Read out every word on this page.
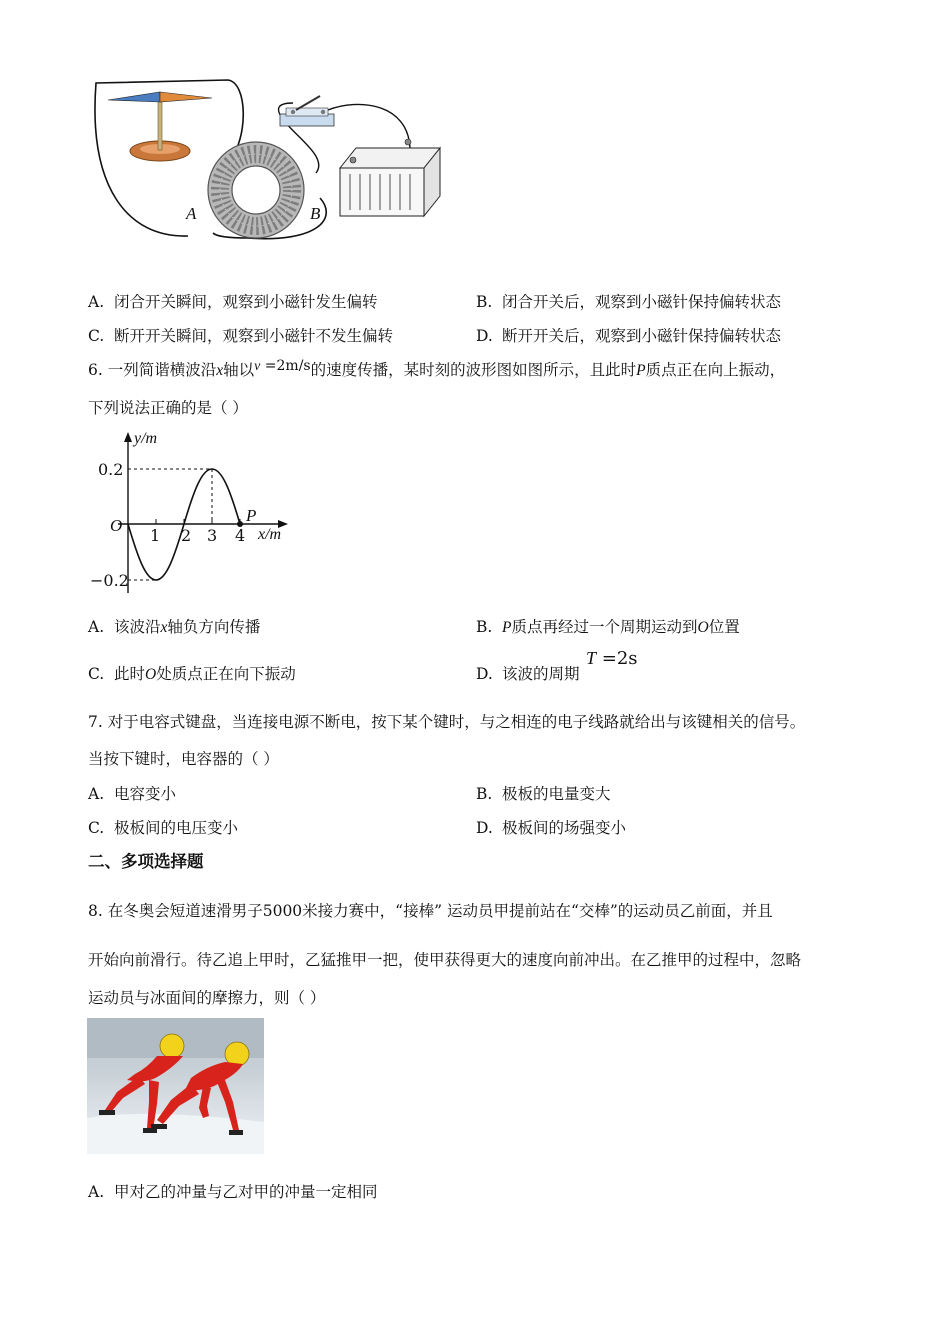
A	B
A. 闭合开关瞬间，观察到小磁针发生偏转	B. 闭合开关后，观察到小磁针保持偏转状态
C. 断开开关瞬间，观察到小磁针不发生偏转	D. 断开开关后，观察到小磁针保持偏转状态
6. 一列简谐横波沿x轴以v =2m/s的速度传播，某时刻的波形图如图所示，且此时P质点正在向上振动，
下列说法正确的是（ ）
y/m
0.2
O
1 2 3 4
P
x/m
−0.2
A. 该波沿x轴负方向传播	B. P质点再经过一个周期运动到O位置
C. 此时O处质点正在向下振动	D. 该波的周期
T =2s
7. 对于电容式键盘，当连接电源不断电，按下某个键时，与之相连的电子线路就给出与该键相关的信号。
当按下键时，电容器的（ ）
A. 电容变小	B. 极板的电量变大
C. 极板间的电压变小	D. 极板间的场强变小
二、多项选择题
8. 在冬奥会短道速滑男子5000米接力赛中，“接棒” 运动员甲提前站在“交棒”的运动员乙前面，并且
开始向前滑行。待乙追上甲时，乙猛推甲一把，使甲获得更大的速度向前冲出。在乙推甲的过程中，忽略
运动员与冰面间的摩擦力，则（ ）
A. 甲对乙的冲量与乙对甲的冲量一定相同
